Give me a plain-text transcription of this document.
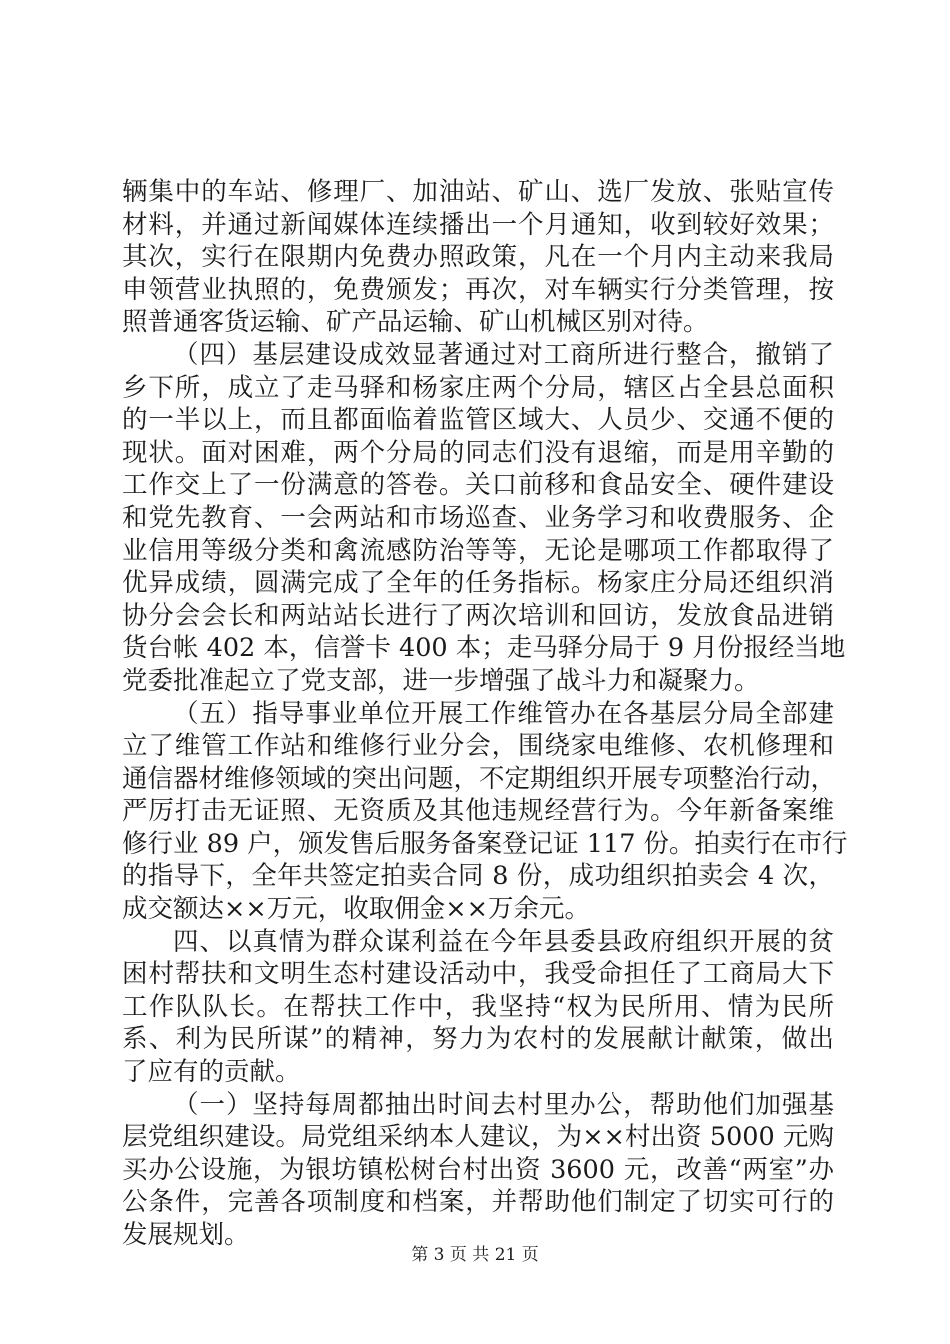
辆集中的车站、修理厂、加油站、矿山、选厂发放、张贴宣传
材料，并通过新闻媒体连续播出一个月通知，收到较好效果；
其次，实行在限期内免费办照政策，凡在一个月内主动来我局
申领营业执照的，免费颁发；再次，对车辆实行分类管理，按
照普通客货运输、矿产品运输、矿山机械区别对待。

（四）基层建设成效显著通过对工商所进行整合，撤销了
乡下所，成立了走马驿和杨家庄两个分局，辖区占全县总面积
的一半以上，而且都面临着监管区域大、人员少、交通不便的
现状。面对困难，两个分局的同志们没有退缩，而是用辛勤的
工作交上了一份满意的答卷。关口前移和食品安全、硬件建设
和党先教育、一会两站和市场巡查、业务学习和收费服务、企
业信用等级分类和禽流感防治等等，无论是哪项工作都取得了
优异成绩，圆满完成了全年的任务指标。杨家庄分局还组织消
协分会会长和两站站长进行了两次培训和回访，发放食品进销
货台帐 402 本，信誉卡 400 本；走马驿分局于 9 月份报经当地
党委批准起立了党支部，进一步增强了战斗力和凝聚力。

（五）指导事业单位开展工作维管办在各基层分局全部建
立了维管工作站和维修行业分会，围绕家电维修、农机修理和
通信器材维修领域的突出问题，不定期组织开展专项整治行动，
严厉打击无证照、无资质及其他违规经营行为。今年新备案维
修行业 89 户，颁发售后服务备案登记证 117 份。拍卖行在市行
的指导下，全年共签定拍卖合同 8 份，成功组织拍卖会 4 次，
成交额达××万元，收取佣金××万余元。

四、以真情为群众谋利益在今年县委县政府组织开展的贫
困村帮扶和文明生态村建设活动中，我受命担任了工商局大下
工作队队长。在帮扶工作中，我坚持“权为民所用、情为民所
系、利为民所谋”的精神，努力为农村的发展献计献策，做出
了应有的贡献。

（一）坚持每周都抽出时间去村里办公，帮助他们加强基
层党组织建设。局党组采纳本人建议，为××村出资 5000 元购
买办公设施，为银坊镇松树台村出资 3600 元，改善“两室”办
公条件，完善各项制度和档案，并帮助他们制定了切实可行的
发展规划。

第 3 页 共 21 页
